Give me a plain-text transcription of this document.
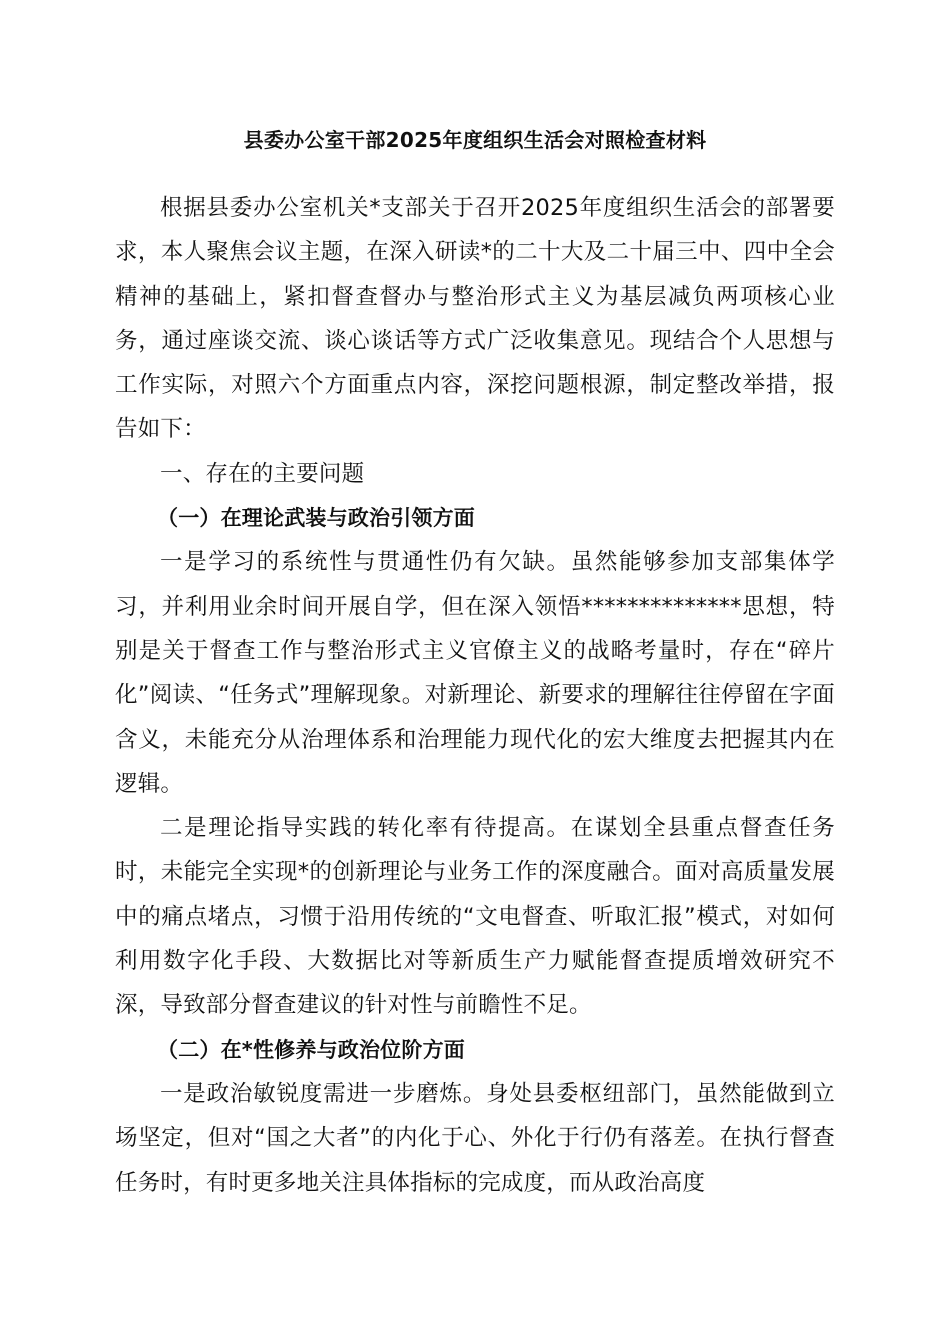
县委办公室干部2025年度组织生活会对照检查材料

根据县委办公室机关*支部关于召开2025年度组织生活会的部署要求，本人聚焦会议主题，在深入研读*的二十大及二十届三中、四中全会精神的基础上，紧扣督查督办与整治形式主义为基层减负两项核心业务，通过座谈交流、谈心谈话等方式广泛收集意见。现结合个人思想与工作实际，对照六个方面重点内容，深挖问题根源，制定整改举措，报告如下：

一、存在的主要问题

（一）在理论武装与政治引领方面

一是学习的系统性与贯通性仍有欠缺。虽然能够参加支部集体学习，并利用业余时间开展自学，但在深入领悟**************思想，特别是关于督查工作与整治形式主义官僚主义的战略考量时，存在“碎片化”阅读、“任务式”理解现象。对新理论、新要求的理解往往停留在字面含义，未能充分从治理体系和治理能力现代化的宏大维度去把握其内在逻辑。

二是理论指导实践的转化率有待提高。在谋划全县重点督查任务时，未能完全实现*的创新理论与业务工作的深度融合。面对高质量发展中的痛点堵点，习惯于沿用传统的“文电督查、听取汇报”模式，对如何利用数字化手段、大数据比对等新质生产力赋能督查提质增效研究不深，导致部分督查建议的针对性与前瞻性不足。

（二）在*性修养与政治位阶方面

一是政治敏锐度需进一步磨炼。身处县委枢纽部门，虽然能做到立场坚定，但对“国之大者”的内化于心、外化于行仍有落差。在执行督查任务时，有时更多地关注具体指标的完成度，而从政治高度
